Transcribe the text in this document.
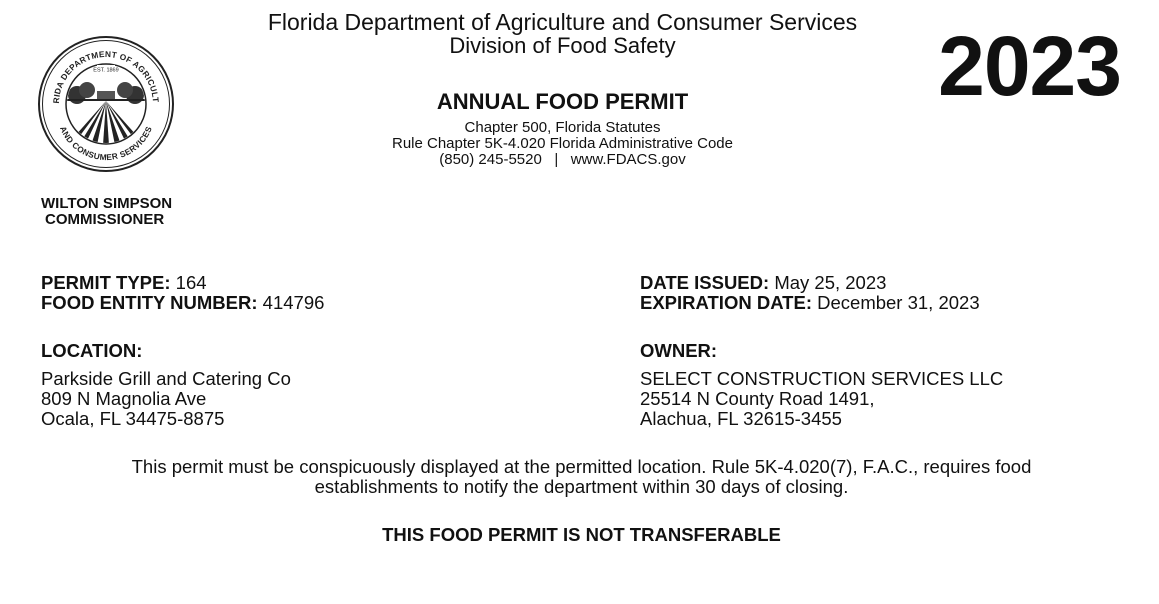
RIDA DEPARTMENT OF AGRICULT
AND CONSUMER SERVICES
EST. 1869
Florida Department of Agriculture and Consumer Services
Division of Food Safety	2023
ANNUAL FOOD PERMIT
Chapter 500, Florida Statutes
Rule Chapter 5K-4.020 Florida Administrative Code
(850) 245-5520   |   www.FDACS.gov
WILTON SIMPSON
COMMISSIONER
PERMIT TYPE: 164
FOOD ENTITY NUMBER: 414796
DATE ISSUED: May 25, 2023
EXPIRATION DATE: December 31, 2023
LOCATION:
Parkside Grill and Catering Co
809 N Magnolia Ave
Ocala, FL 34475-8875
OWNER:
SELECT CONSTRUCTION SERVICES LLC
25514 N County Road 1491,
Alachua, FL 32615-3455
This permit must be conspicuously displayed at the permitted location. Rule 5K-4.020(7), F.A.C., requires food
establishments to notify the department within 30 days of closing.
THIS FOOD PERMIT IS NOT TRANSFERABLE
